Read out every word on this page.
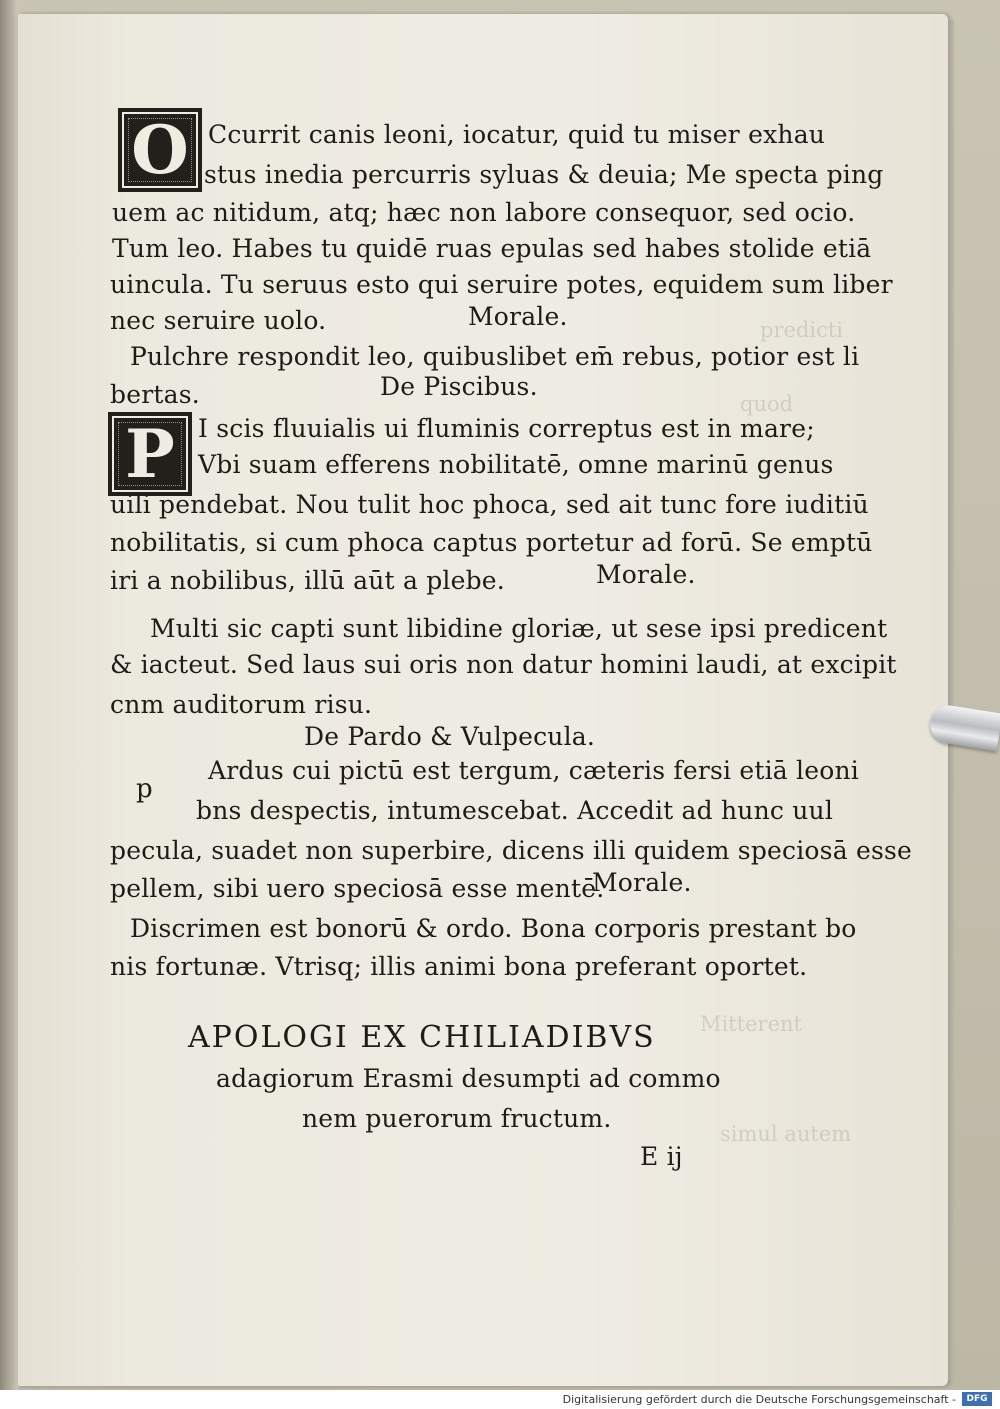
predicti
quod
Mitterent
simul autem
O Ccurrit canis leoni, iocatur, quid tu miser exhau
stus inedia percurris syluas & deuia; Me specta ping
uem ac nitidum, atq; hæc non labore consequor, sed ocio.
Tum leo. Habes tu quidē ruas epulas sed habes stolide etiā
uincula. Tu seruus esto qui seruire potes, equidem sum liber
nec seruire uolo.	Morale.
Pulchre respondit leo, quibuslibet em̄ rebus, potior est li
bertas.	De Piscibus.
P I scis fluuialis ui fluminis correptus est in mare;
Vbi suam efferens nobilitatē, omne marinū genus
uili pendebat. Nou tulit hoc phoca, sed ait tunc fore iuditiū
nobilitatis, si cum phoca captus portetur ad forū. Se emptū
iri a nobilibus, illū aūt a plebe.	Morale.
Multi sic capti sunt libidine gloriæ, ut sese ipsi predicent
& iacteut. Sed laus sui oris non datur homini laudi, at excipit
cnm auditorum risu.
De Pardo & Vulpecula.
p
Ardus cui pictū est tergum, cæteris fersi etiā leoni
bns despectis, intumescebat. Accedit ad hunc uul
pecula, suadet non superbire, dicens illi quidem speciosā esse
pellem, sibi uero speciosā esse mentē.
Morale.
Discrimen est bonorū & ordo. Bona corporis prestant bo
nis fortunæ. Vtrisq; illis animi bona preferant oportet.
APOLOGI EX CHILIADIBVS
adagiorum Erasmi desumpti ad commo
nem puerorum fructum.
E ij
Digitalisierung gefördert durch die Deutsche Forschungsgemeinschaft -	DFG
